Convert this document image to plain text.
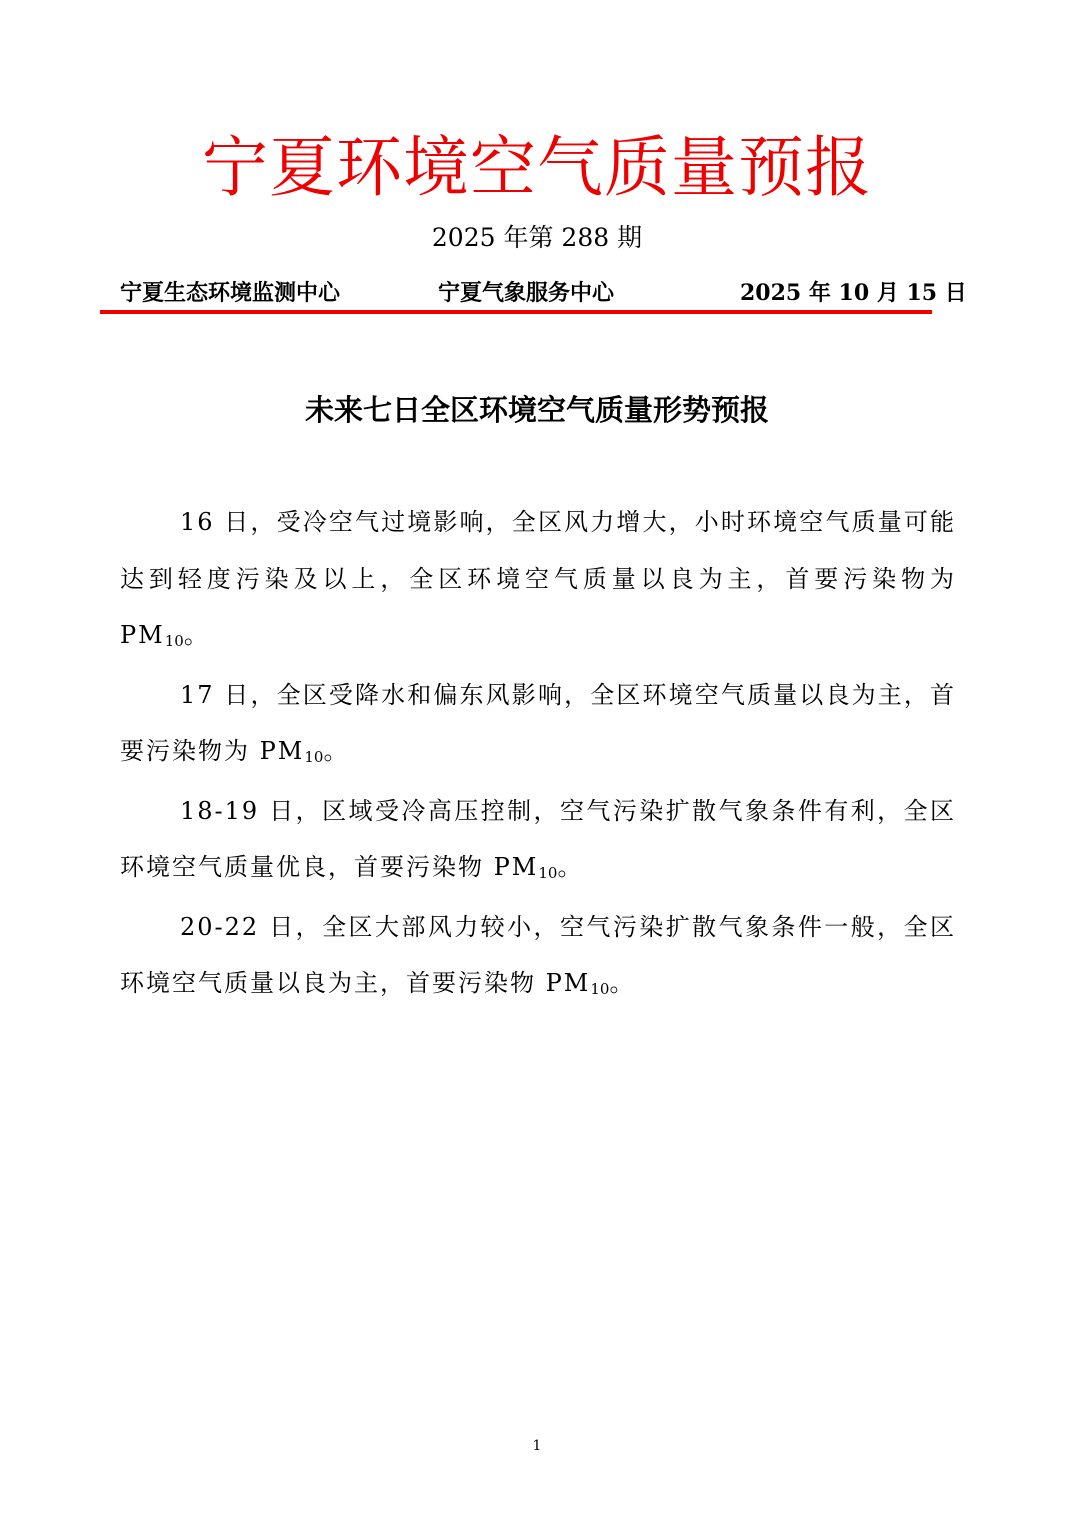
宁夏环境空气质量预报
2025 年第 288 期
宁夏生态环境监测中心	宁夏气象服务中心	2025 年 10 月 15 日
未来七日全区环境空气质量形势预报

16 日，受冷空气过境影响，全区风力增大，小时环境空气质量可能达到轻度污染及以上，全区环境空气质量以良为主，首要污染物为 $PM_{10}$。

17 日，全区受降水和偏东风影响，全区环境空气质量以良为主，首要污染物为 $PM_{10}$。

18-19 日，区域受冷高压控制，空气污染扩散气象条件有利，全区环境空气质量优良，首要污染物 $PM_{10}$。

20-22 日，全区大部风力较小，空气污染扩散气象条件一般，全区环境空气质量以良为主，首要污染物 $PM_{10}$。

1
